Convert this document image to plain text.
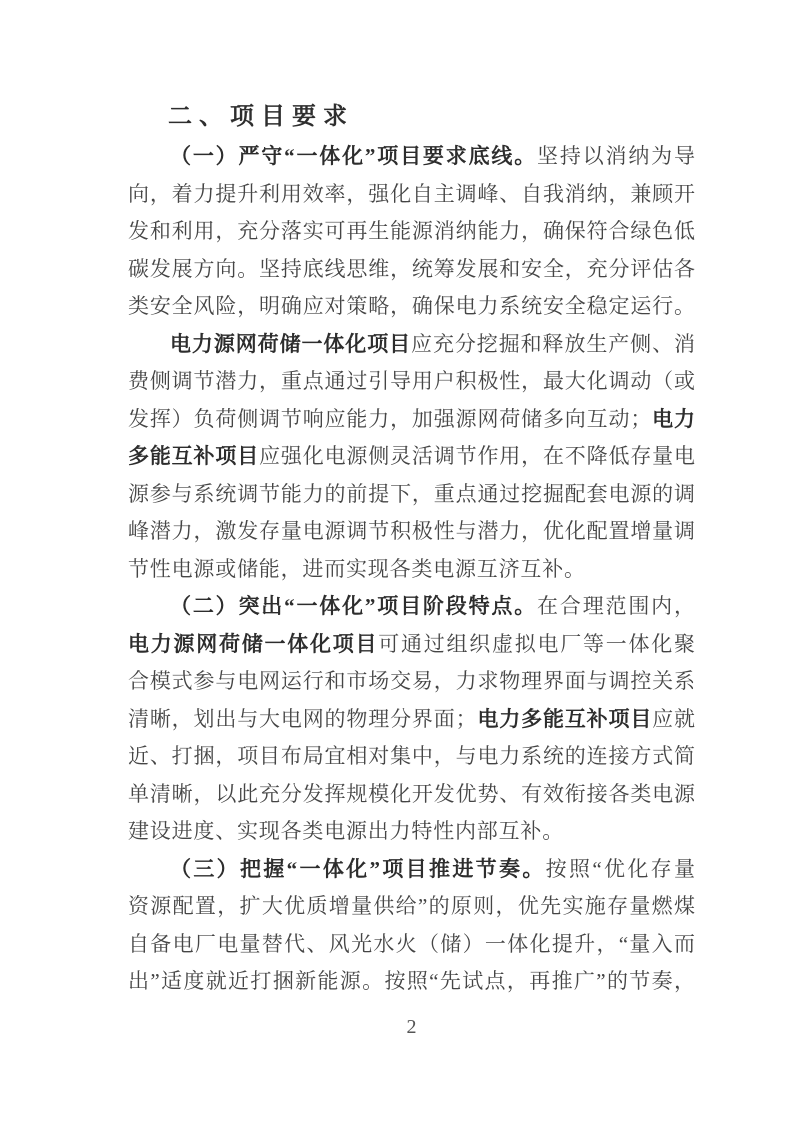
二、项目要求
（一）严守“一体化”项目要求底线。坚持以消纳为导
向，着力提升利用效率，强化自主调峰、自我消纳，兼顾开
发和利用，充分落实可再生能源消纳能力，确保符合绿色低
碳发展方向。坚持底线思维，统筹发展和安全，充分评估各
类安全风险，明确应对策略，确保电力系统安全稳定运行。
电力源网荷储一体化项目应充分挖掘和释放生产侧、消
费侧调节潜力，重点通过引导用户积极性，最大化调动（或
发挥）负荷侧调节响应能力，加强源网荷储多向互动；电力
多能互补项目应强化电源侧灵活调节作用，在不降低存量电
源参与系统调节能力的前提下，重点通过挖掘配套电源的调
峰潜力，激发存量电源调节积极性与潜力，优化配置增量调
节性电源或储能，进而实现各类电源互济互补。
（二）突出“一体化”项目阶段特点。在合理范围内，
电力源网荷储一体化项目可通过组织虚拟电厂等一体化聚
合模式参与电网运行和市场交易，力求物理界面与调控关系
清晰，划出与大电网的物理分界面；电力多能互补项目应就
近、打捆，项目布局宜相对集中，与电力系统的连接方式简
单清晰，以此充分发挥规模化开发优势、有效衔接各类电源
建设进度、实现各类电源出力特性内部互补。
（三）把握“一体化”项目推进节奏。按照“优化存量
资源配置，扩大优质增量供给”的原则，优先实施存量燃煤
自备电厂电量替代、风光水火（储）一体化提升，“量入而
出”适度就近打捆新能源。按照“先试点，再推广”的节奏，
2
